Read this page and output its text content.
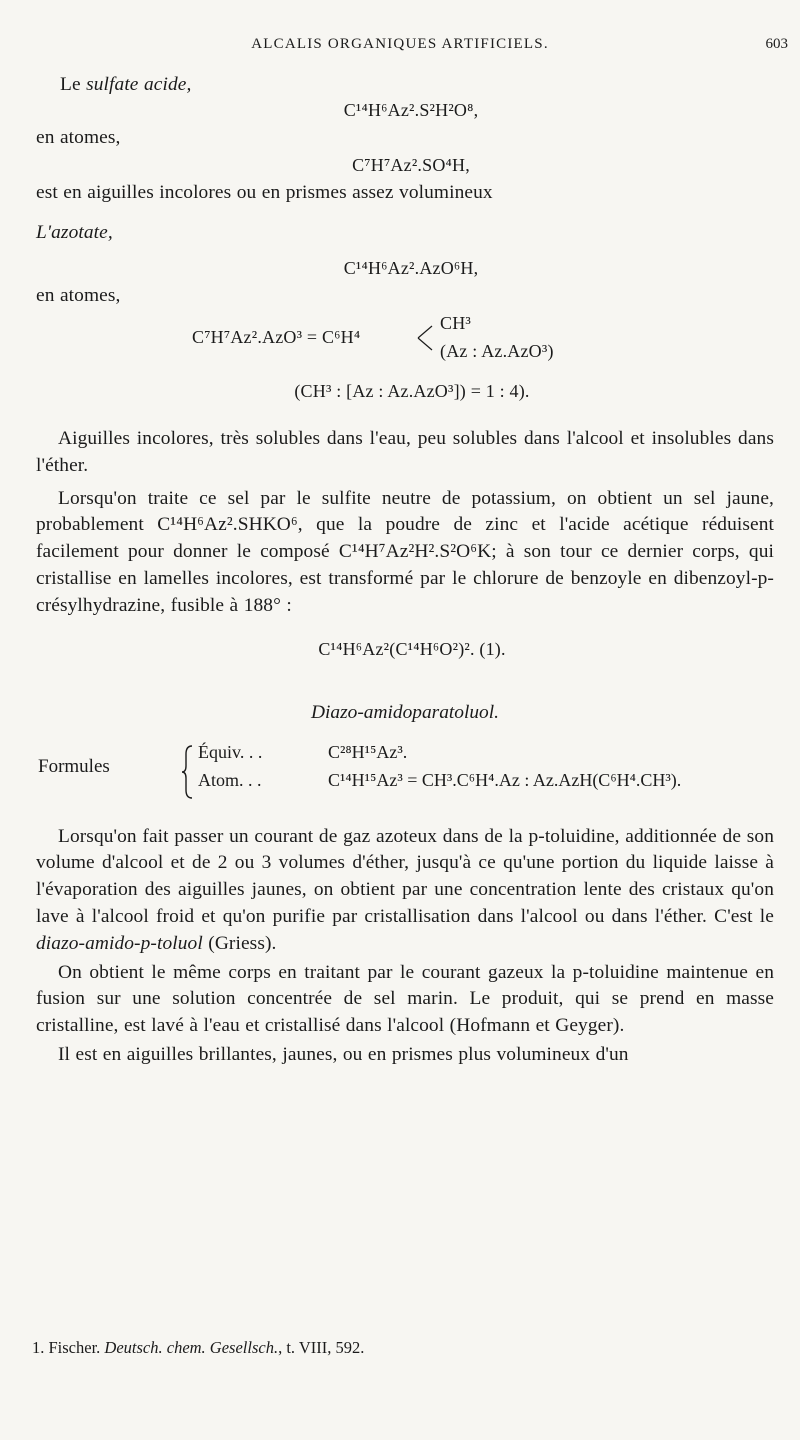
ALCALIS ORGANIQUES ARTIFICIELS.	603

Le sulfate acide,

C¹⁴H⁶Az².S²H²O⁸,

en atomes,

C⁷H⁷Az².SO⁴H,

est en aiguilles incolores ou en prismes assez volumineux

L'azotate,

C¹⁴H⁶Az².AzO⁶H,

en atomes,

C⁷H⁷Az².AzO³ = C⁶H⁴
CH³
(Az : Az.AzO³)

(CH³ : [Az : Az.AzO³]) = 1 : 4).

Aiguilles incolores, très solubles dans l'eau, peu solubles dans l'alcool et insolubles dans l'éther.

Lorsqu'on traite ce sel par le sulfite neutre de potassium, on obtient un sel jaune, probablement C¹⁴H⁶Az².SHKO⁶, que la poudre de zinc et l'acide acétique réduisent facilement pour donner le composé C¹⁴H⁷Az²H².S²O⁶K; à son tour ce dernier corps, qui cristallise en lamelles incolores, est transformé par le chlorure de benzoyle en dibenzoyl-p-crésylhydrazine, fusible à 188° :

C¹⁴H⁶Az²(C¹⁴H⁶O²)². (1).

Diazo-amidoparatoluol.

Formules
Équiv. . .	C²⁸H¹⁵Az³.
Atom. . .	C¹⁴H¹⁵Az³ = CH³.C⁶H⁴.Az : Az.AzH(C⁶H⁴.CH³).

Lorsqu'on fait passer un courant de gaz azoteux dans de la p-toluidine, additionnée de son volume d'alcool et de 2 ou 3 volumes d'éther, jusqu'à ce qu'une portion du liquide laisse à l'évaporation des aiguilles jaunes, on obtient par une concentration lente des cristaux qu'on lave à l'alcool froid et qu'on purifie par cristallisation dans l'alcool ou dans l'éther. C'est le diazo-amido-p-toluol (Griess).

On obtient le même corps en traitant par le courant gazeux la p-toluidine maintenue en fusion sur une solution concentrée de sel marin. Le produit, qui se prend en masse cristalline, est lavé à l'eau et cristallisé dans l'alcool (Hofmann et Geyger).

Il est en aiguilles brillantes, jaunes, ou en prismes plus volumineux d'un

1. Fischer. Deutsch. chem. Gesellsch., t. VIII, 592.
